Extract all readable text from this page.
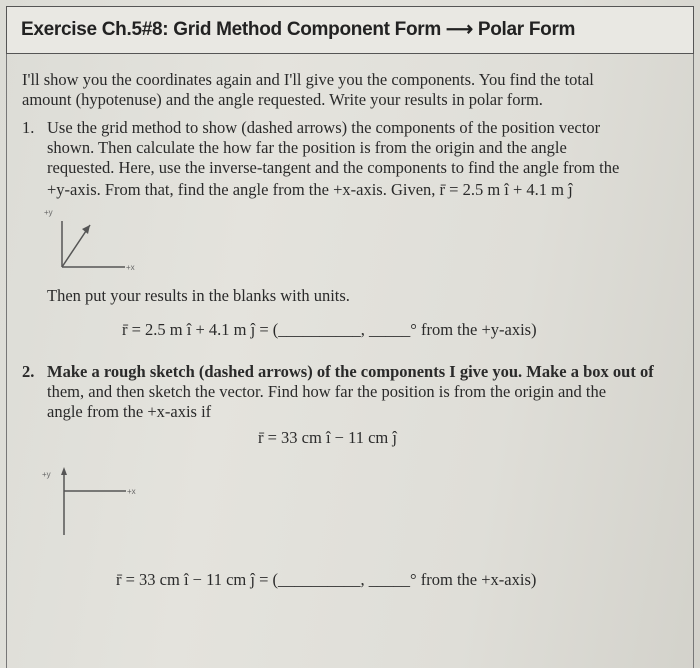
Exercise Ch.5#8: Grid Method Component Form ⟶ Polar Form
I'll show you the coordinates again and I'll give you the components. You find the total
amount (hypotenuse) and the angle requested. Write your results in polar form.
1. Use the grid method to show (dashed arrows) the components of the position vector
shown. Then calculate the how far the position is from the origin and the angle
requested. Here, use the inverse-tangent and the components to find the angle from the
+y-axis. From that, find the angle from the +x-axis. Given, r̄ = 2.5 m î + 4.1 m ĵ
+y
+x
Then put your results in the blanks with units.
r̄ = 2.5 m î + 4.1 m ĵ = (__________, _____° from the +y-axis)
2. Make a rough sketch (dashed arrows) of the components I give you. Make a box out of
them, and then sketch the vector. Find how far the position is from the origin and the
angle from the +x-axis if
r̄ = 33 cm î − 11 cm ĵ
+y
+x
r̄ = 33 cm î − 11 cm ĵ = (__________, _____° from the +x-axis)
